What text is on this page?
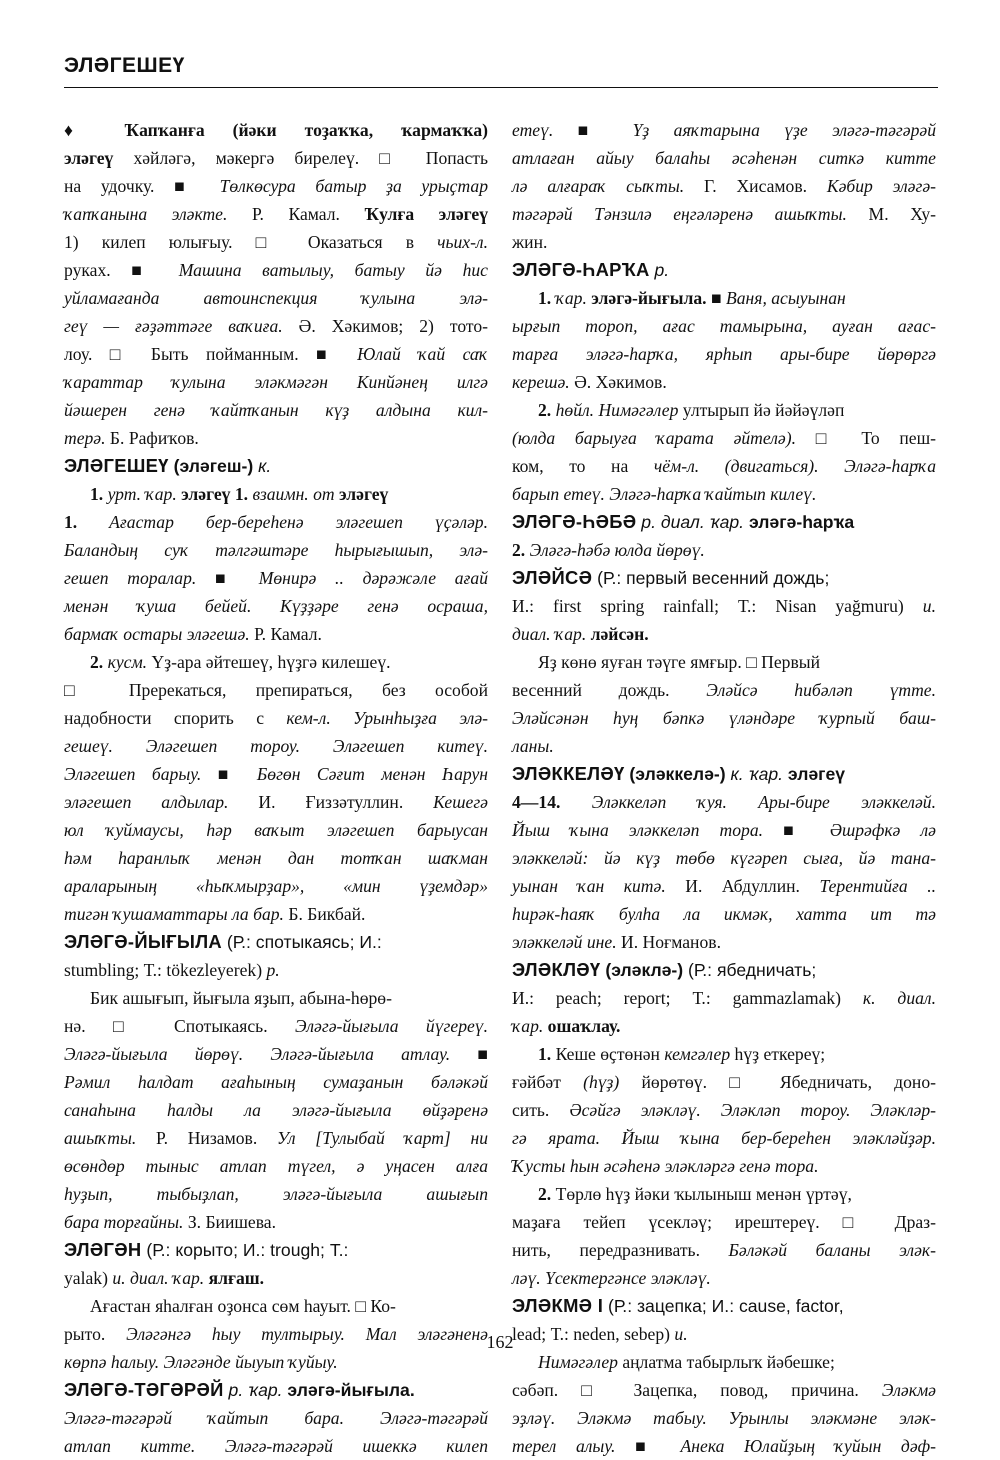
ЭЛӘГЕШЕҮ
♦ Ҡапҡанға (йәки тоҙаҡҡа, ҡармаҡҡа)
эләгеү хәйләгә, мәкергә бирелеү. □ Попасть
на удочку. ■ Төлкөсура батыр ҙа урыҫтар
ҡапҡанына эләкте. Р. Камал. Ҡулға эләгеү
1) килеп юлығыу. □ Оказаться в чьих-л.
руках. ■ Машина ватылыу, батыу йә һис
уйламағанда автоинспекция ҡулына элә-
геү — ғәҙәттәге ваҡиға. Ә. Хәкимов; 2) тото-
лоу. □ Быть пойманным. ■ Юлай ҡай саҡ
ҡараттар ҡулына эләкмәгән Кинйәнең илгә
йәшерен генә ҡайтҡанын күҙ алдына кил-
терә. Б. Рафиҡов.
ЭЛӘГЕШЕҮ (эләгеш-) к.
1. урт. ҡар. эләгеү 1. взаимн. от эләгеү
1. Ағастар бер-береһенә эләгешеп үҫәләр.
Баландың суҡ тәлгәштәре һырығышып, элә-
гешеп торалар. ■ Мөнирә .. дәрәжәле ағай
менән ҡуша бейей. Күҙҙәре генә осраша,
бармаҡ остары эләгешә. Р. Камал.
2. кусм. Үҙ-ара әйтешеү, һүҙгә килешеү.
□ Пререкаться, препираться, без особой
надобности спорить с кем-л. Урынһыҙға элә-
гешеү. Эләгешеп тороу. Эләгешеп китеү.
Эләгешеп барыу. ■ Бөгөн Сәғит менән Һарун
эләгешеп алдылар. И. Ғиззәтуллин. Кешегә
юл ҡуймаусы, һәр ваҡыт эләгешеп барыусан
һәм һаранлыҡ менән дан тотҡан шаҡман
араларының «һыҡмырҙар», «мин үҙемдәр»
тигән ҡушаматтары ла бар. Б. Бикбай.
ЭЛӘГӘ-ЙЫҒЫЛА (Р.: спотыкаясь; И.:
stumbling; Т.: tökezleyerek) р.
Бик ашығып, йығыла яҙып, абына-һөрө-
нә. □ Спотыкаясь. Эләгә-йығыла йүгереү.
Эләгә-йығыла йөрөү. Эләгә-йығыла атлау. ■
Рәмил һалдат ағаһының сумаҙанын бәләкәй
санаһына һалды ла эләгә-йығыла өйҙәренә
ашыҡты. Р. Низамов. Ул [Тулыбай ҡарт] ни
өсөндөр тыныс атлап түгел, ә уңасен алға
һуҙып, тыбыҙлап, эләгә-йығыла ашығып
бара торғайны. З. Биишева.
ЭЛӘГӘН (Р.: корыто; И.: trough; Т.:
yalak) и. диал. ҡар. ялғаш.
Ағастан яһалған оҙонса сөм һауыт. □ Ко-
рыто. Эләгәнгә һыу тултырыу. Мал эләгәненә
көрпә һалыу. Эләгәнде йыуып ҡуйыу.
ЭЛӘГӘ-ТӘГӘРӘЙ р. ҡар. эләгә-йығыла.
Эләгә-тәгәрәй ҡайтып бара. Эләгә-тәгәрәй
атлап китте. Эләгә-тәгәрәй ишеккә килеп
етеү. ■ Үҙ аяҡтарына үҙе эләгә-тәгәрәй
атлаған айыу балаһы әсәһенән ситкә китте
лә алғараҡ сыҡты. Г. Хисамов. Кәбир эләгә-
тәгәрәй Тәнзилә еңгәләренә ашыҡты. М. Ху-
жин.
ЭЛӘГӘ-ҺАРҠА р.
1. ҡар. эләгә-йығыла. ■ Ваня, асыуынан
ырғып тороп, ағас тамырына, ауған ағас-
тарға эләгә-һарҡа, ярһып ары-бире йөрөргә
керешә. Ә. Хәкимов.
2. һөйл. Нимәгәлер ултырып йә йәйәүләп
(юлда барыуға ҡарата әйтелә). □ То пеш-
ком, то на чём-л. (двигаться). Эләгә-һарҡа
барып етеү. Эләгә-һарҡа ҡайтып килеү.
ЭЛӘГӘ-ҺӘБӘ р. диал. ҡар. эләгә-һарҡа
2. Эләгә-һәбә юлда йөрөү.
ЭЛӘЙСӘ (Р.: первый весенний дождь;
И.: first spring rainfall; Т.: Nisan yağmuru) и.
диал. ҡар. ләйсән.
Яҙ көнө яуған тәүге ямғыр. □ Первый
весенний дождь. Эләйсә һибәләп үтте.
Эләйсәнән һуң бәпкә үләндәре ҡурпый баш-
ланы.
ЭЛӘККЕЛӘҮ (эләккелә-) к. ҡар. эләгеү
4—14. Эләккеләп ҡуя. Ары-бире эләккеләй.
Йыш ҡына эләккеләп тора. ■ Әшрәфкә лә
эләккеләй: йә күҙ төбө күгәреп сыға, йә тана-
уынан ҡан китә. И. Абдуллин. Терентийға ..
һирәк-һаяҡ булһа ла икмәк, хатта ит тә
эләккеләй ине. И. Ноғманов.
ЭЛӘКЛӘҮ (эләклә-) (Р.: ябедничать;
И.: peach; report; Т.: gammazlamak) к. диал.
ҡар. ошаҡлау.
1. Кеше өҫтөнән кемгәлер һүҙ еткереү;
ғәйбәт (һүҙ) йөрөтөү. □ Ябедничать, доно-
сить. Әсәйгә эләкләү. Эләкләп тороу. Эләкләр-
гә ярата. Йыш ҡына бер-береһен эләкләйҙәр.
Ҡусты һын әсәһенә эләкләргә генә тора.
2. Төрлө һүҙ йәки ҡылыныш менән үртәү,
маҙаға тейеп үсекләү; ирештереү. □ Драз-
нить, передразнивать. Бәләкәй баланы эләк-
ләү. Үсектергәнсе эләкләү.
ЭЛӘКМӘ I (Р.: зацепка; И.: cause, factor,
lead; Т.: neden, sebep) и.
Нимәгәлер аңлатма табырлыҡ йәбешке;
сәбәп. □ Зацепка, повод, причина. Эләкмә
эҙләү. Эләкмә табыу. Урынлы эләкмәне эләк-
терел алыу. ■ Анека Юлайҙың ҡуйын дәф-
162
